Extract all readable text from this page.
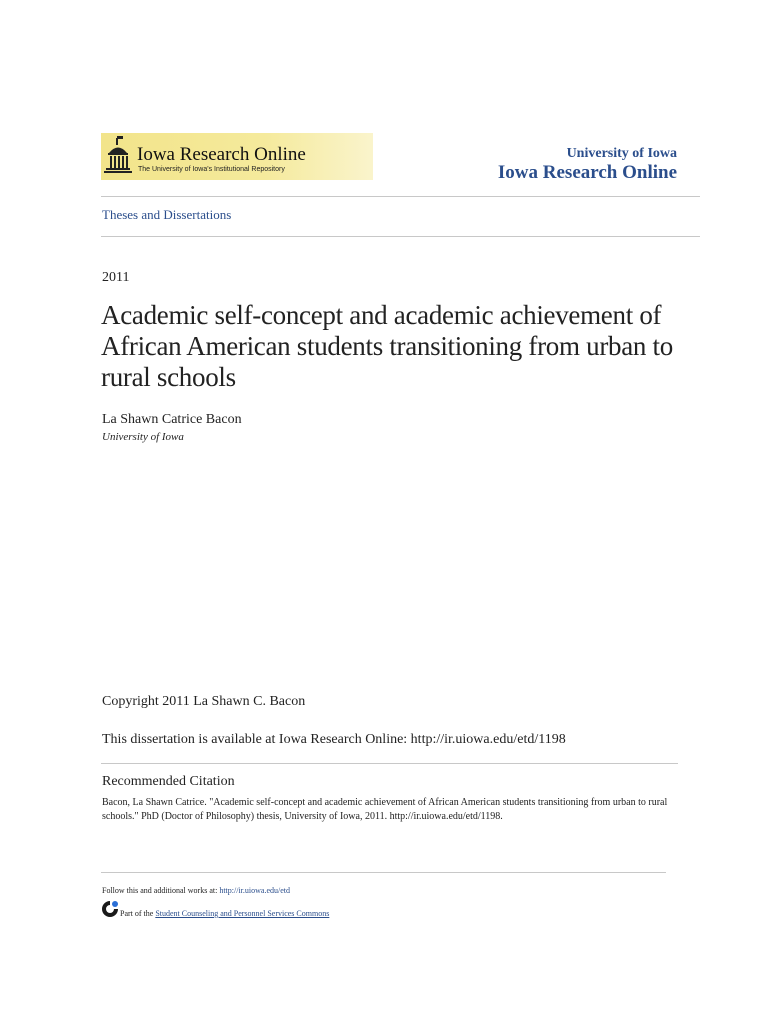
Iowa Research Online
The University of Iowa's Institutional Repository
University of Iowa
Iowa Research Online
Theses and Dissertations
2011
Academic self-concept and academic achievement of African American students transitioning from urban to rural schools
La Shawn Catrice Bacon
University of Iowa
Copyright 2011 La Shawn C. Bacon
This dissertation is available at Iowa Research Online: http://ir.uiowa.edu/etd/1198
Recommended Citation
Bacon, La Shawn Catrice. "Academic self-concept and academic achievement of African American students transitioning from urban to rural schools." PhD (Doctor of Philosophy) thesis, University of Iowa, 2011. http://ir.uiowa.edu/etd/1198.
Follow this and additional works at: http://ir.uiowa.edu/etd
Part of the Student Counseling and Personnel Services Commons
